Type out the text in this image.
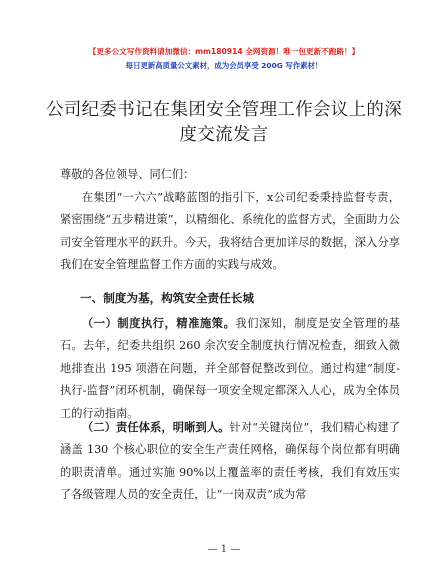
【更多公文写作资料请加微信：mm180914 全网资源！唯一包更新不跑路！】
每日更新高质量公文素材，成为会员享受 200G 写作素材！
公司纪委书记在集团安全管理工作会议上的深度交流发言
尊敬的各位领导、同仁们：
在集团“一六六”战略蓝图的指引下，x公司纪委秉持监督专责，紧密围绕“五步精进策”，以精细化、系统化的监督方式，全面助力公司安全管理水平的跃升。今天，我将结合更加详尽的数据，深入分享我们在安全管理监督工作方面的实践与成效。
一、制度为基，构筑安全责任长城
（一）制度执行，精准施策。我们深知，制度是安全管理的基石。去年，纪委共组织 260 余次安全制度执行情况检查，细致入微地排查出 195 项潜在问题，并全部督促整改到位。通过构建“制度-执行-监督”闭环机制，确保每一项安全规定都深入人心，成为全体员工的行动指南。
（二）责任体系，明晰到人。针对“关键岗位”，我们精心构建了涵盖 130 个核心职位的安全生产责任网格，确保每个岗位都有明确的职责清单。通过实施 90%以上覆盖率的责任考核，我们有效压实了各级管理人员的安全责任，让“一岗双责”成为常
— 1 —
